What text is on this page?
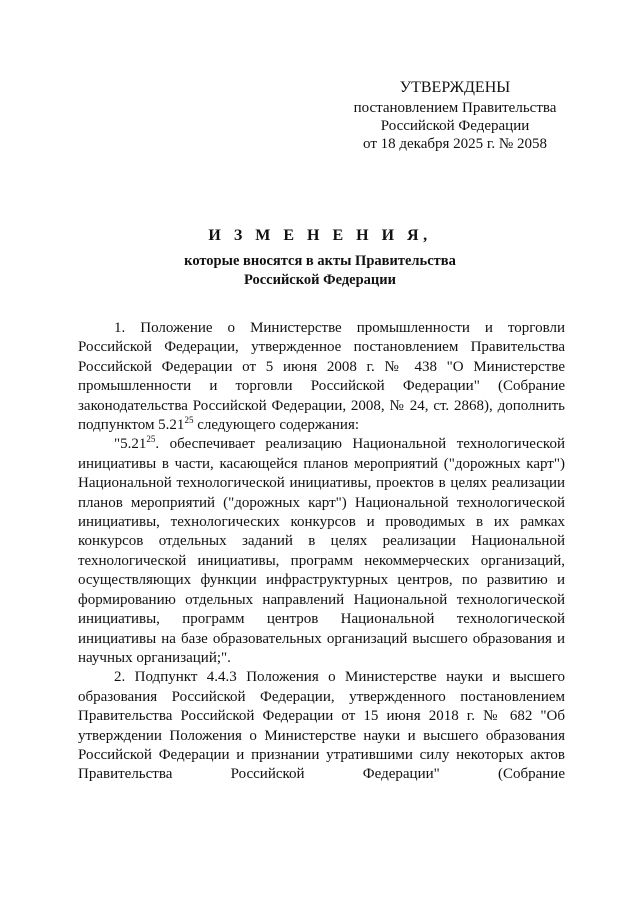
УТВЕРЖДЕНЫ
постановлением Правительства
Российской Федерации
от 18 декабря 2025 г. № 2058
И З М Е Н Е Н И Я,
которые вносятся в акты Правительства
Российской Федерации

1. Положение о Министерстве промышленности и торговли Российской Федерации, утвержденное постановлением Правительства Российской Федерации от 5 июня 2008 г. № 438 "О Министерстве промышленности и торговли Российской Федерации" (Собрание законодательства Российской Федерации, 2008, № 24, ст. 2868), дополнить подпунктом 5.21$^{25}$ следующего содержания:

"5.21$^{25}$. обеспечивает реализацию Национальной технологической инициативы в части, касающейся планов мероприятий ("дорожных карт") Национальной технологической инициативы, проектов в целях реализации планов мероприятий ("дорожных карт") Национальной технологической инициативы, технологических конкурсов и проводимых в их рамках конкурсов отдельных заданий в целях реализации Национальной технологической инициативы, программ некоммерческих организаций, осуществляющих функции инфраструктурных центров, по развитию и формированию отдельных направлений Национальной технологической инициативы, программ центров Национальной технологической инициативы на базе образовательных организаций высшего образования и научных организаций;".

2. Подпункт 4.4.3 Положения о Министерстве науки и высшего образования Российской Федерации, утвержденного постановлением Правительства Российской Федерации от 15 июня 2018 г. № 682 "Об утверждении Положения о Министерстве науки и высшего образования Российской Федерации и признании утратившими силу некоторых актов Правительства Российской Федерации" (Собрание
